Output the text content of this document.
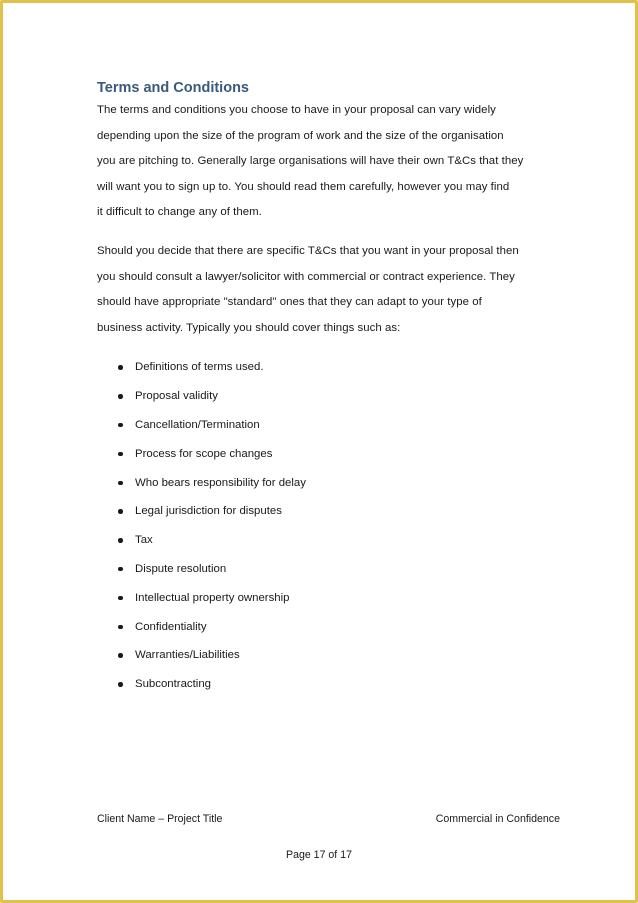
Terms and Conditions

The terms and conditions you choose to have in your proposal can vary widely
depending upon the size of the program of work and the size of the organisation
you are pitching to. Generally large organisations will have their own T&Cs that they
will want you to sign up to. You should read them carefully, however you may find
it difficult to change any of them.

Should you decide that there are specific T&Cs that you want in your proposal then
you should consult a lawyer/solicitor with commercial or contract experience. They
should have appropriate "standard" ones that they can adapt to your type of
business activity. Typically you should cover things such as:

Definitions of terms used.
Proposal validity
Cancellation/Termination
Process for scope changes
Who bears responsibility for delay
Legal jurisdiction for disputes
Tax
Dispute resolution
Intellectual property ownership
Confidentiality
Warranties/Liabilities
Subcontracting
Client Name – Project Title	Commercial in Confidence
Page 17 of 17
